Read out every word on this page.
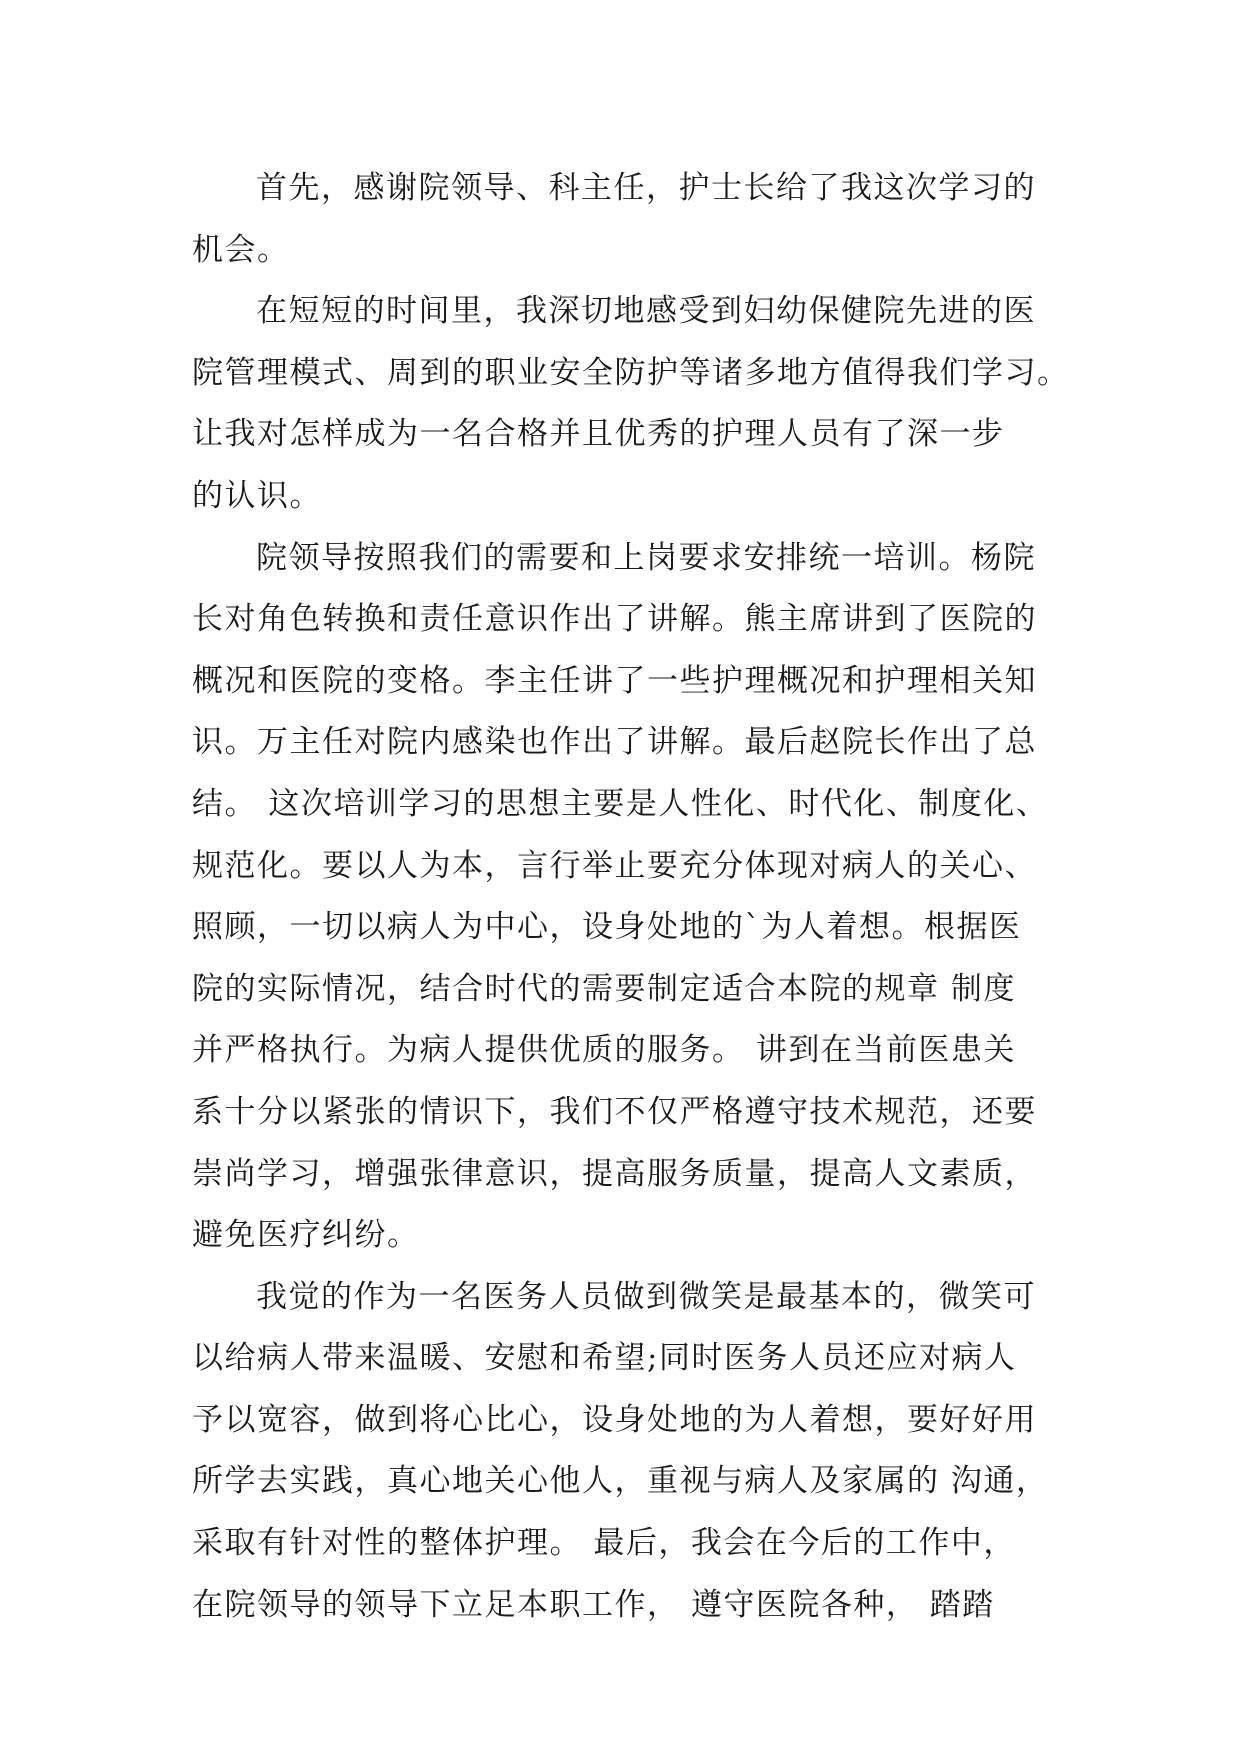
首先，感谢院领导、科主任，护士长给了我这次学习的
机会。
在短短的时间里，我深切地感受到妇幼保健院先进的医
院管理模式、周到的职业安全防护等诸多地方值得我们学习。
让我对怎样成为一名合格并且优秀的护理人员有了深一步
的认识。
院领导按照我们的需要和上岗要求安排统一培训。杨院
长对角色转换和责任意识作出了讲解。熊主席讲到了医院的
概况和医院的变格。李主任讲了一些护理概况和护理相关知
识。万主任对院内感染也作出了讲解。最后赵院长作出了总
结。 这次培训学习的思想主要是人性化、时代化、制度化、
规范化。要以人为本，言行举止要充分体现对病人的关心、
照顾，一切以病人为中心，设身处地的`为人着想。根据医
院的实际情况，结合时代的需要制定适合本院的规章 制度
并严格执行。为病人提供优质的服务。 讲到在当前医患关
系十分以紧张的情识下，我们不仅严格遵守技术规范，还要
崇尚学习，增强张律意识，提高服务质量，提高人文素质，
避免医疗纠纷。
我觉的作为一名医务人员做到微笑是最基本的，微笑可
以给病人带来温暖、安慰和希望;同时医务人员还应对病人
予以宽容，做到将心比心，设身处地的为人着想，要好好用
所学去实践，真心地关心他人，重视与病人及家属的 沟通，
采取有针对性的整体护理。 最后，我会在今后的工作中，
在院领导的领导下立足本职工作， 遵守医院各种， 踏踏
